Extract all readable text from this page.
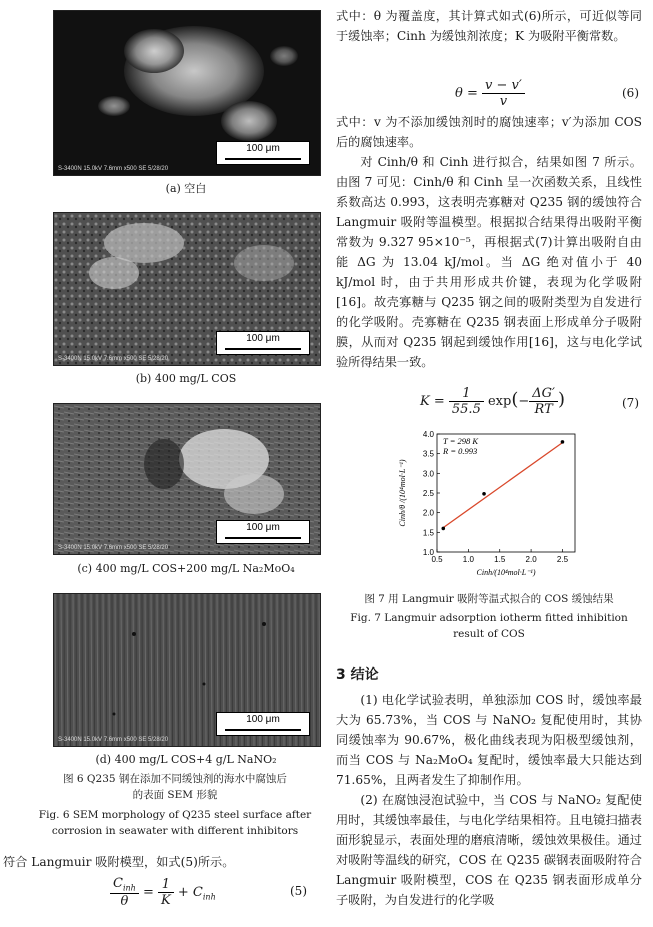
100 μm
S-3400N 15.0kV 7.6mm x500 SE 5/28/20
(a) 空白
100 μm
S-3400N 15.0kV 7.6mm x500 SE 5/28/20
(b) 400 mg/L COS
100 μm
S-3400N 15.0kV 7.6mm x500 SE 5/28/20
(c) 400 mg/L COS+200 mg/L Na₂MoO₄
100 μm
S-3400N 15.0kV 7.6mm x500 SE 5/28/20
(d) 400 mg/L COS+4 g/L NaNO₂
图 6 Q235 钢在添加不同缓蚀剂的海水中腐蚀后
的表面 SEM 形貌
Fig. 6 SEM morphology of Q235 steel surface after
corrosion in seawater with different inhibitors
符合 Langmuir 吸附模型，如式(5)所示。
$\frac{C_{inh}}{\theta} = \frac{1}{K} + C_{inh}$	(5)
式中：θ 为覆盖度，其计算式如式(6)所示，可近似等同于缓蚀率；Cinh 为缓蚀剂浓度；K 为吸附平衡常数。
$\theta = \frac{v - v'}{v}$	(6)
式中：v 为不添加缓蚀剂时的腐蚀速率；v′为添加 COS 后的腐蚀速率。
对 Cinh/θ 和 Cinh 进行拟合，结果如图 7 所示。由图 7 可见：Cinh/θ 和 Cinh 呈一次函数关系，且线性系数高达 0.993，这表明壳寡糖对 Q235 钢的缓蚀符合 Langmuir 吸附等温模型。根据拟合结果得出吸附平衡常数为 9.327 95×10⁻⁵，再根据式(7)计算出吸附自由能 ΔG 为 13.04 kJ/mol。当 ΔG 绝对值小于 40 kJ/mol 时，由于共用形成共价键，表现为化学吸附[16]。故壳寡糖与 Q235 钢之间的吸附类型为自发进行的化学吸附。壳寡糖在 Q235 钢表面上形成单分子吸附膜，从而对 Q235 钢起到缓蚀作用[16]，这与电化学试验所得结果一致。
$K = \frac{1}{55.5} \exp(- \frac{\Delta G'}{RT}$ )	(7)
1.0
1.5
2.0
2.5
3.0
3.5
4.0
0.5	1.0	1.5	2.0	2.5
Cinh/(10⁴mol·L⁻¹)
Cinh/θ /(10⁴mol·L⁻¹)
T = 298 K
R = 0.993
图 7 用 Langmuir 吸附等温式拟合的 COS 缓蚀结果
Fig. 7 Langmuir adsorption iotherm fitted inhibition
result of COS
3 结论
(1) 电化学试验表明，单独添加 COS 时，缓蚀率最大为 65.73%，当 COS 与 NaNO₂ 复配使用时，其协同缓蚀率为 90.67%，极化曲线表现为阳极型缓蚀剂，而当 COS 与 Na₂MoO₄ 复配时，缓蚀率最大只能达到 71.65%，且两者发生了抑制作用。
(2) 在腐蚀浸泡试验中，当 COS 与 NaNO₂ 复配使用时，其缓蚀率最佳，与电化学结果相符。且电镜扫描表面形貌显示，表面处理的磨痕清晰，缓蚀效果极佳。通过对吸附等温线的研究，COS 在 Q235 碳钢表面吸附符合 Langmuir 吸附模型，COS 在 Q235 钢表面形成单分子吸附，为自发进行的化学吸
